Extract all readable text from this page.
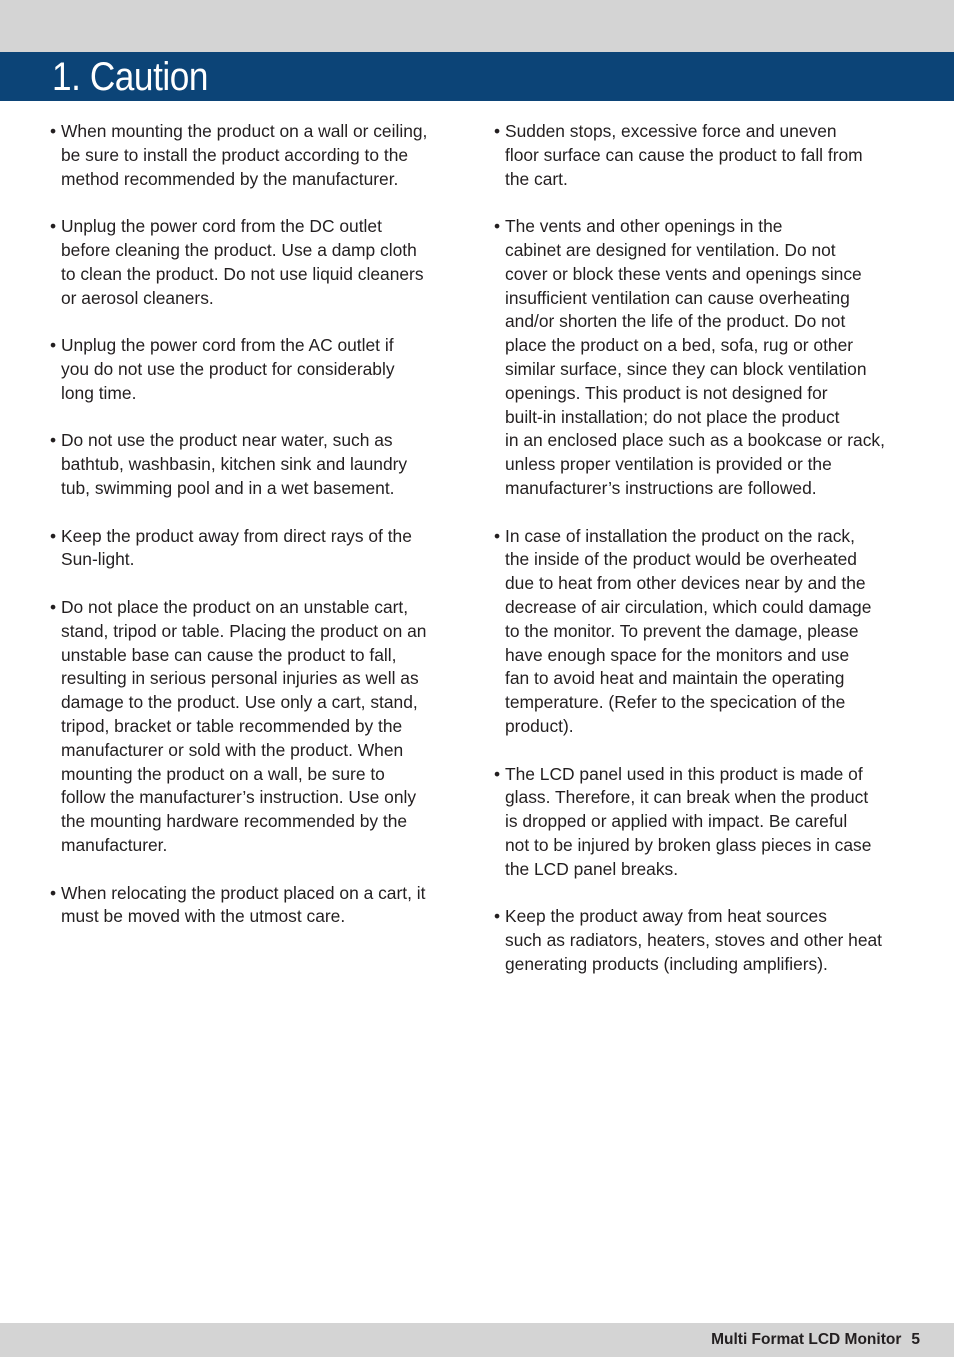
1. Caution
• When mounting the product on a wall or ceiling,
be sure to install the product according to the
method recommended by the manufacturer.
• Unplug the power cord from the DC outlet
before cleaning the product. Use a damp cloth
to clean the product. Do not use liquid cleaners
or aerosol cleaners.
• Unplug the power cord from the AC outlet if
you do not use the product for considerably
long time.
• Do not use the product near water, such as
bathtub, washbasin, kitchen sink and laundry
tub, swimming pool and in a wet basement.
• Keep the product away from direct rays of the
Sun-light.
• Do not place the product on an unstable cart,
stand, tripod or table. Placing the product on an
unstable base can cause the product to fall,
resulting in serious personal injuries as well as
damage to the product. Use only a cart, stand,
tripod, bracket or table recommended by the
manufacturer or sold with the product. When
mounting the product on a wall, be sure to
follow the manufacturer’s instruction. Use only
the mounting hardware recommended by the
manufacturer.
• When relocating the product placed on a cart, it
must be moved with the utmost care.
• Sudden stops, excessive force and uneven
floor surface can cause the product to fall from
the cart.
• The vents and other openings in the
cabinet are designed for ventilation. Do not
cover or block these vents and openings since
insufficient ventilation can cause overheating
and/or shorten the life of the product. Do not
place the product on a bed, sofa, rug or other
similar surface, since they can block ventilation
openings. This product is not designed for
built-in installation; do not place the product
in an enclosed place such as a bookcase or rack,
unless proper ventilation is provided or the
manufacturer’s instructions are followed.
• In case of installation the product on the rack,
the inside of the product would be overheated
due to heat from other devices near by and the
decrease of air circulation, which could damage
to the monitor. To prevent the damage, please
have enough space for the monitors and use
fan to avoid heat and maintain the operating
temperature. (Refer to the specication of the
product).
• The LCD panel used in this product is made of
glass. Therefore, it can break when the product
is dropped or applied with impact. Be careful
not to be injured by broken glass pieces in case
the LCD panel breaks.
• Keep the product away from heat sources
such as radiators, heaters, stoves and other heat
generating products (including amplifiers).
Multi Format LCD Monitor 5
